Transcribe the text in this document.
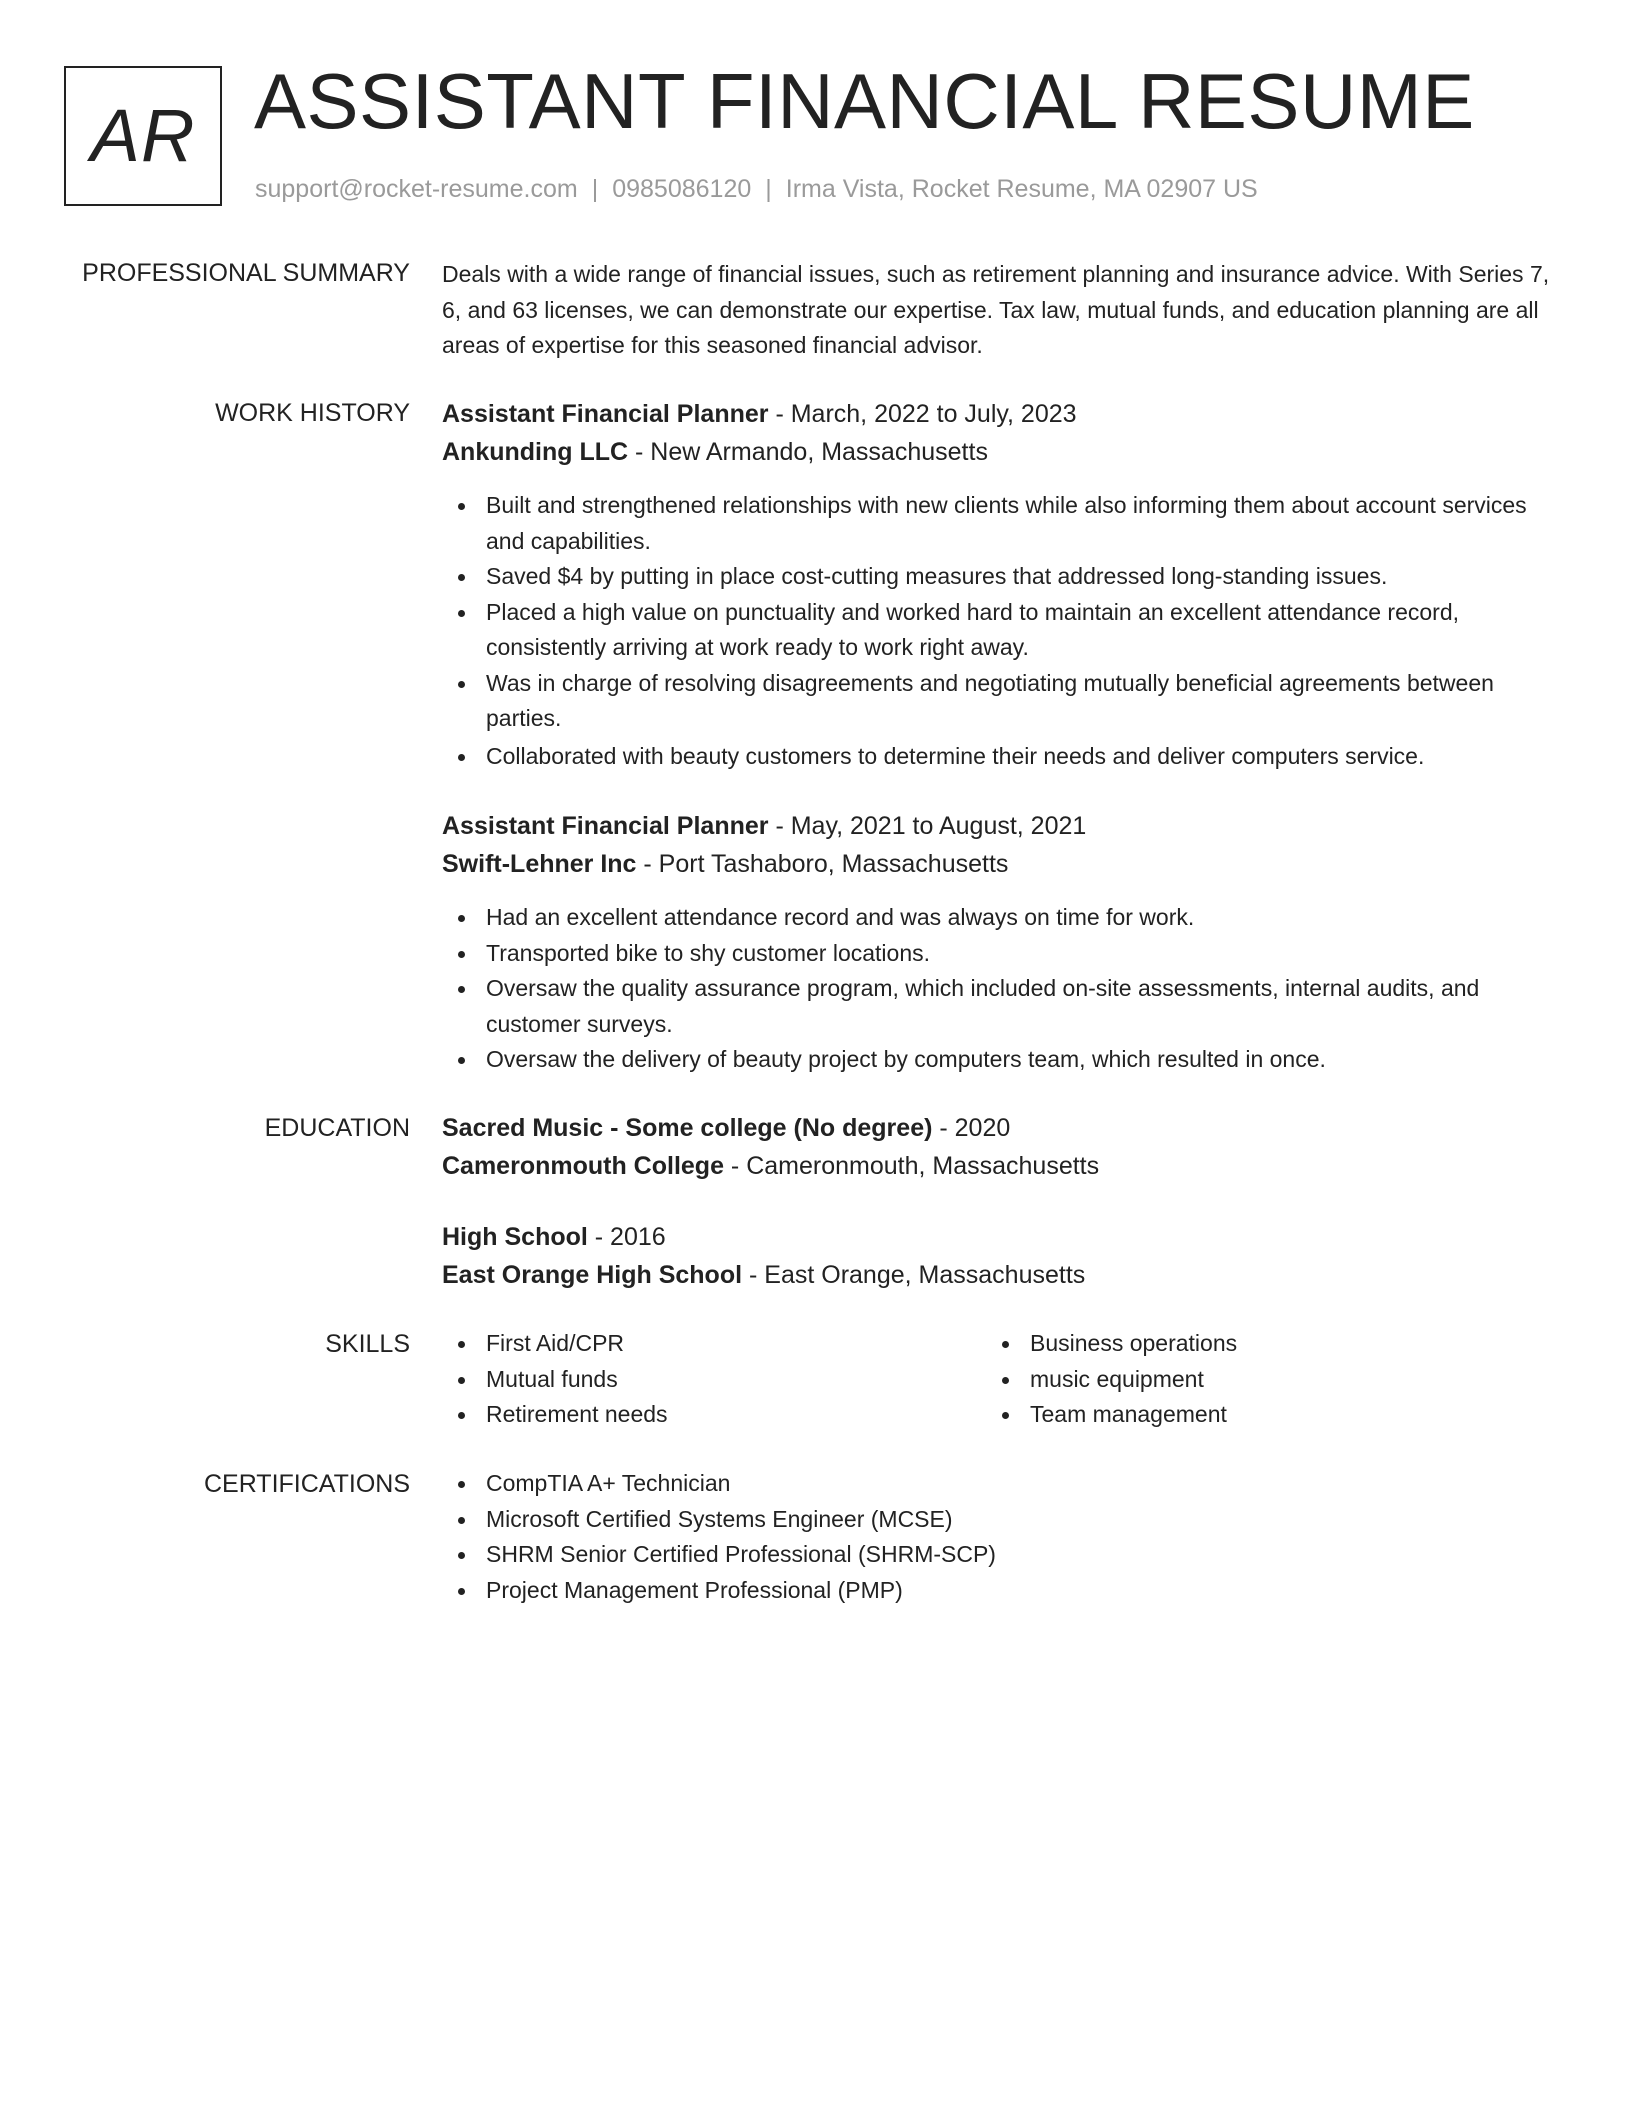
AR ASSISTANT FINANCIAL RESUME
support@rocket-resume.com | 0985086120 | Irma Vista, Rocket Resume, MA 02907 US
PROFESSIONAL SUMMARY Deals with a wide range of financial issues, such as retirement planning and insurance advice. With Series 7, 6, and 63 licenses, we can demonstrate our expertise. Tax law, mutual funds, and education planning are all areas of expertise for this seasoned financial advisor.

WORK HISTORY Assistant Financial Planner - March, 2022 to July, 2023
Ankunding LLC - New Armando, Massachusetts
Built and strengthened relationships with new clients while also informing them about account services and capabilities.
Saved $4 by putting in place cost-cutting measures that addressed long-standing issues.
Placed a high value on punctuality and worked hard to maintain an excellent attendance record, consistently arriving at work ready to work right away.
Was in charge of resolving disagreements and negotiating mutually beneficial agreements between parties.
Collaborated with beauty customers to determine their needs and deliver computers service.
Assistant Financial Planner - May, 2021 to August, 2021
Swift-Lehner Inc - Port Tashaboro, Massachusetts
Had an excellent attendance record and was always on time for work.
Transported bike to shy customer locations.
Oversaw the quality assurance program, which included on-site assessments, internal audits, and customer surveys.
Oversaw the delivery of beauty project by computers team, which resulted in once.
EDUCATION Sacred Music - Some college (No degree) - 2020
Cameronmouth College - Cameronmouth, Massachusetts
High School - 2016
East Orange High School - East Orange, Massachusetts
SKILLS	First Aid/CPR
Mutual funds
Retirement needs
Business operations
music equipment
Team management
CERTIFICATIONS	CompTIA A+ Technician
Microsoft Certified Systems Engineer (MCSE)
SHRM Senior Certified Professional (SHRM-SCP)
Project Management Professional (PMP)
